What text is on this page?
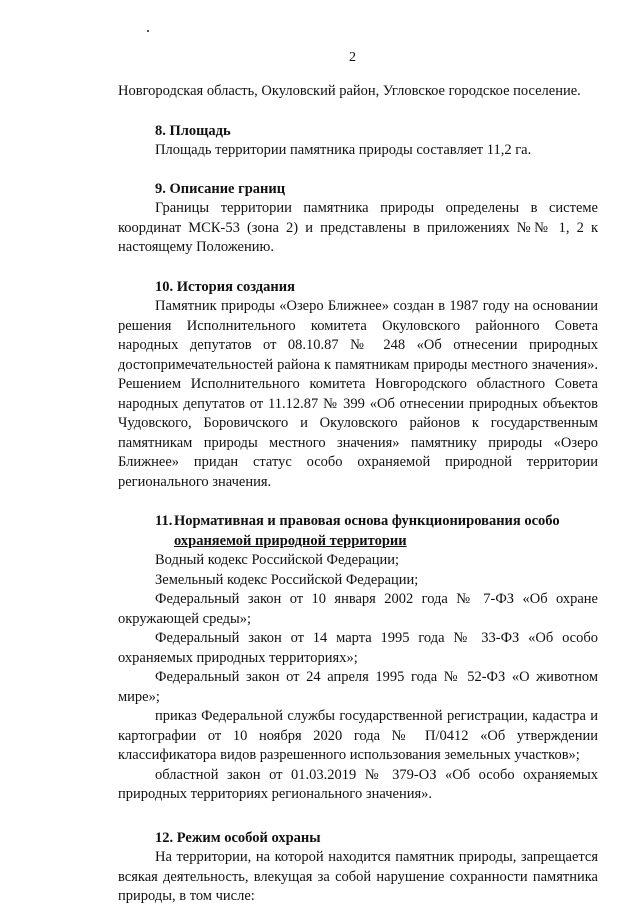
2

Новгородская область, Окуловский район, Угловское городское поселение.

8. Площадь

Площадь территории памятника природы составляет 11,2 га.

9. Описание границ

Границы территории памятника природы определены в системе координат МСК-53 (зона 2) и представлены в приложениях №№ 1, 2 к настоящему Положению.

10. История создания

Памятник природы «Озеро Ближнее» создан в 1987 году на основании решения Исполнительного комитета Окуловского районного Совета народных депутатов от 08.10.87 № 248 «Об отнесении природных достопримечательностей района к памятникам природы местного значения». Решением Исполнительного комитета Новгородского областного Совета народных депутатов от 11.12.87 № 399 «Об отнесении природных объектов Чудовского, Боровичского и Окуловского районов к государственным памятникам природы местного значения» памятнику природы «Озеро Ближнее» придан статус особо охраняемой природной территории регионального значения.

11. Нормативная и правовая основа функционирования особо
охраняемой природной территории

Водный кодекс Российской Федерации;

Земельный кодекс Российской Федерации;

Федеральный закон от 10 января 2002 года № 7-ФЗ «Об охране окружающей среды»;

Федеральный закон от 14 марта 1995 года № 33-ФЗ «Об особо охраняемых природных территориях»;

Федеральный закон от 24 апреля 1995 года № 52-ФЗ «О животном мире»;

приказ Федеральной службы государственной регистрации, кадастра и картографии от 10 ноября 2020 года № П/0412 «Об утверждении классификатора видов разрешенного использования земельных участков»;

областной закон от 01.03.2019 № 379-ОЗ «Об особо охраняемых природных территориях регионального значения».

12. Режим особой охраны

На территории, на которой находится памятник природы, запрещается всякая деятельность, влекущая за собой нарушение сохранности памятника природы, в том числе:
